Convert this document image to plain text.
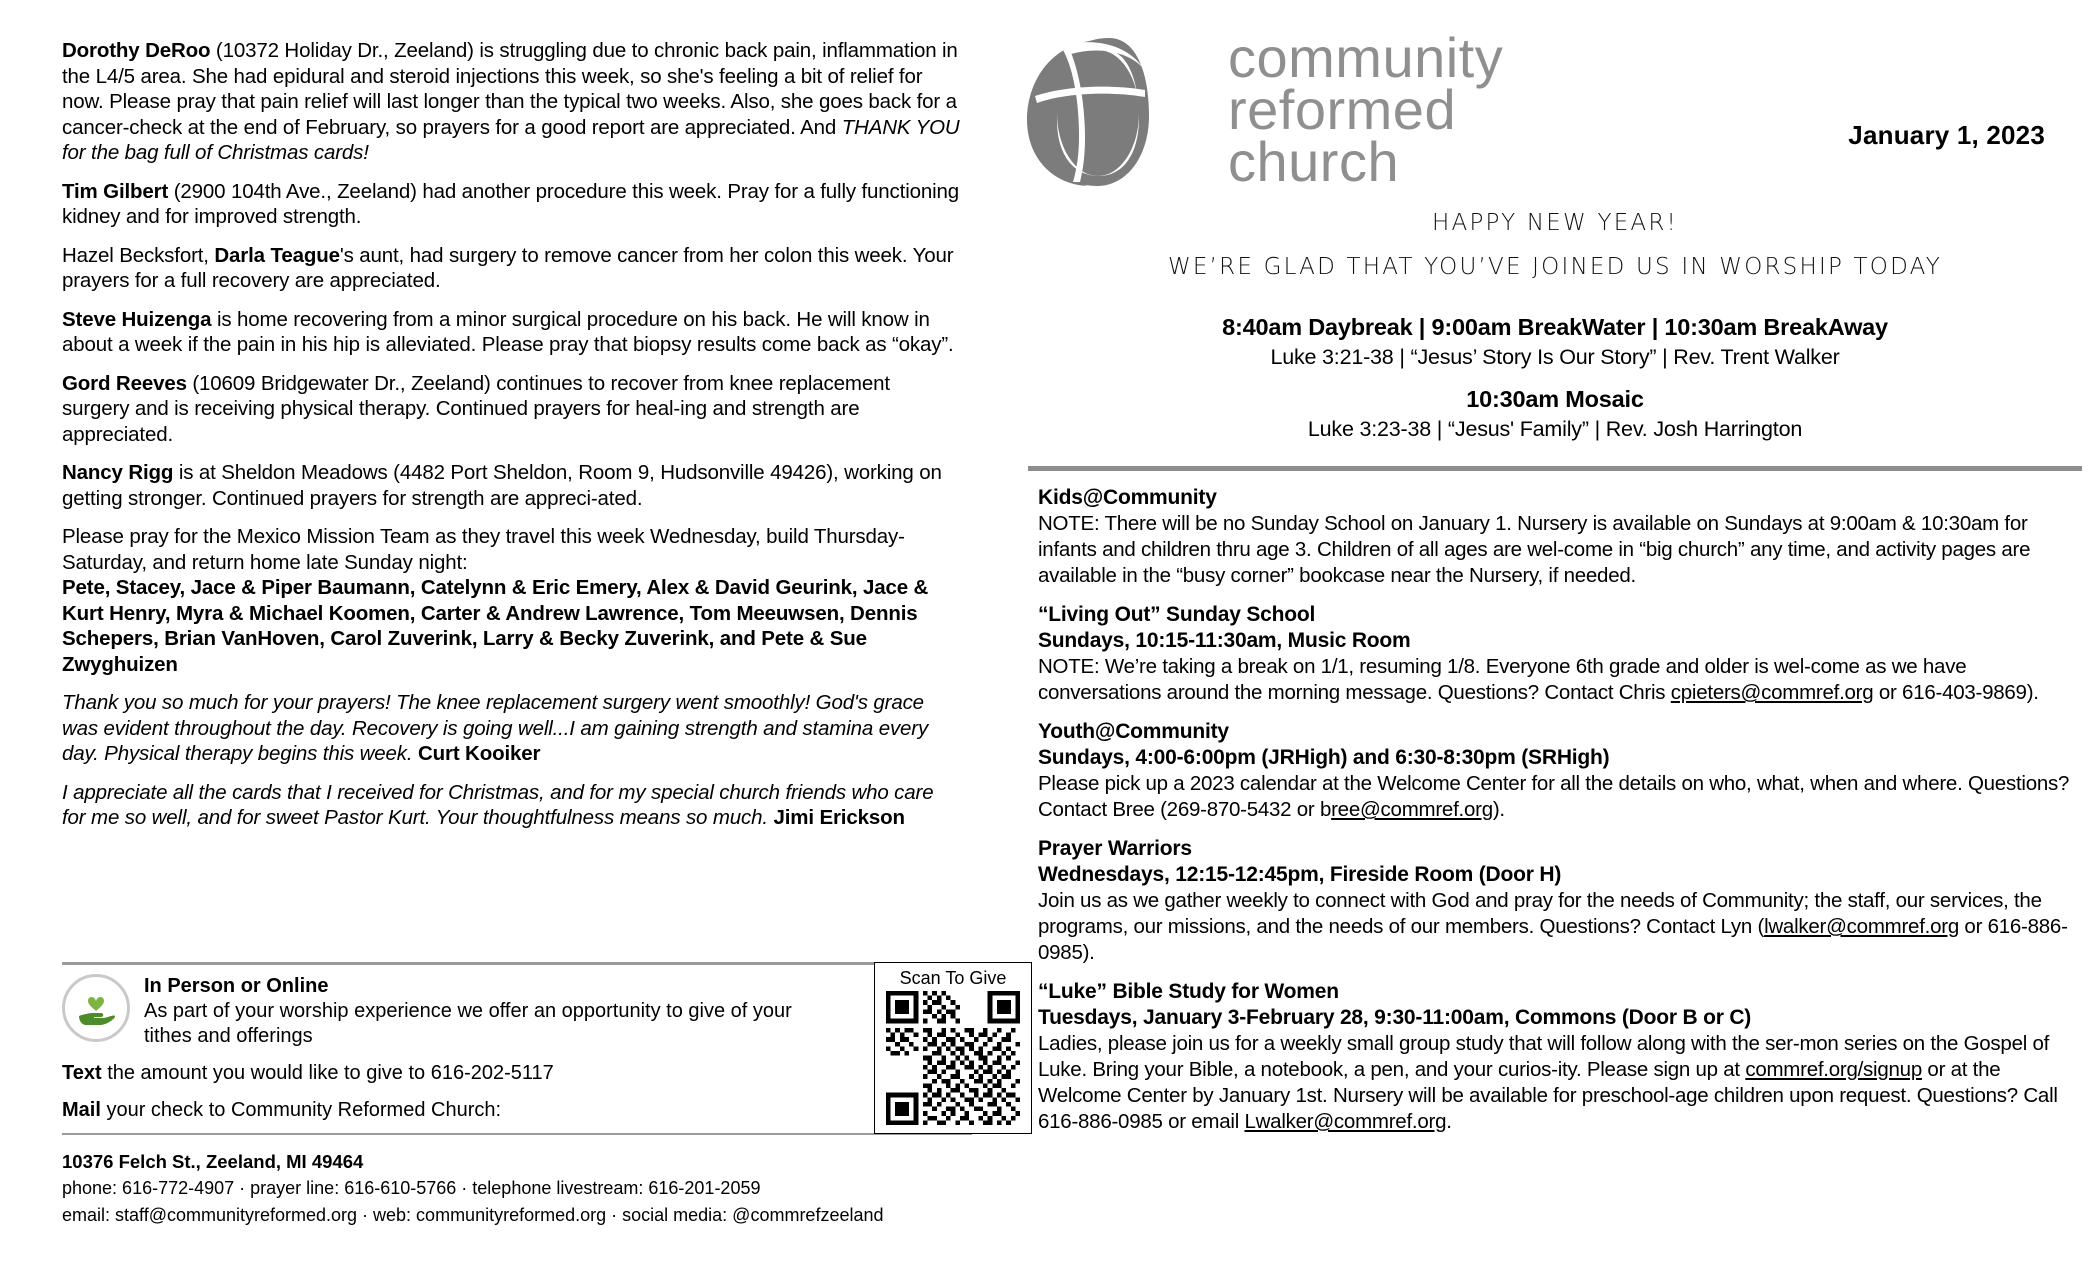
Dorothy DeRoo (10372 Holiday Dr., Zeeland) is struggling due to chronic back pain, inflammation in the L4/5 area. She had epidural and steroid injections this week, so she's feeling a bit of relief for now. Please pray that pain relief will last longer than the typical two weeks. Also, she goes back for a cancer-check at the end of February, so prayers for a good report are appreciated. And THANK YOU for the bag full of Christmas cards!

Tim Gilbert (2900 104th Ave., Zeeland) had another procedure this week. Pray for a fully functioning kidney and for improved strength.

Hazel Becksfort, Darla Teague's aunt, had surgery to remove cancer from her colon this week. Your prayers for a full recovery are appreciated.

Steve Huizenga is home recovering from a minor surgical procedure on his back. He will know in about a week if the pain in his hip is alleviated. Please pray that biopsy results come back as “okay”.

Gord Reeves (10609 Bridgewater Dr., Zeeland) continues to recover from knee replacement surgery and is receiving physical therapy. Continued prayers for heal-ing and strength are appreciated.

Nancy Rigg is at Sheldon Meadows (4482 Port Sheldon, Room 9, Hudsonville 49426), working on getting stronger. Continued prayers for strength are appreci-ated.

Please pray for the Mexico Mission Team as they travel this week Wednesday, build Thursday-Saturday, and return home late Sunday night:

Pete, Stacey, Jace & Piper Baumann, Catelynn & Eric Emery, Alex & David Geurink, Jace & Kurt Henry, Myra & Michael Koomen, Carter & Andrew Lawrence, Tom Meeuwsen, Dennis Schepers, Brian VanHoven, Carol Zuverink, Larry & Becky Zuverink, and Pete & Sue Zwyghuizen

Thank you so much for your prayers! The knee replacement surgery went smoothly! God's grace was evident throughout the day. Recovery is going well...I am gaining strength and stamina every day. Physical therapy begins this week. Curt Kooiker

I appreciate all the cards that I received for Christmas, and for my special church friends who care for me so well, and for sweet Pastor Kurt. Your thoughtfulness means so much. Jimi Erickson

In Person or Online
As part of your worship experience we offer an opportunity to give of your tithes and offerings
Text the amount you would like to give to 616-202-5117
Mail your check to Community Reformed Church:
Scan To Give
10376 Felch St., Zeeland, MI 49464
phone: 616-772-4907 · prayer line: 616-610-5766 · telephone livestream: 616-201-2059
email: staff@communityreformed.org · web: communityreformed.org · social media: @commrefzeeland
community
reformed
church	January 1, 2023
HAPPY NEW YEAR!
WE’RE GLAD THAT YOU’VE JOINED US IN WORSHIP TODAY
8:40am Daybreak | 9:00am BreakWater | 10:30am BreakAway
Luke 3:21-38 | “Jesus’ Story Is Our Story” | Rev. Trent Walker
10:30am Mosaic
Luke 3:23-38 | “Jesus' Family” | Rev. Josh Harrington
Kids@Community
NOTE: There will be no Sunday School on January 1. Nursery is available on Sundays at 9:00am & 10:30am for infants and children thru age 3. Children of all ages are wel-come in “big church” any time, and activity pages are available in the “busy corner” bookcase near the Nursery, if needed.
“Living Out” Sunday School
Sundays, 10:15-11:30am, Music Room
NOTE: We’re taking a break on 1/1, resuming 1/8. Everyone 6th grade and older is wel-come as we have conversations around the morning message. Questions? Contact Chris cpieters@commref.org or 616-403-9869).
Youth@Community
Sundays, 4:00-6:00pm (JRHigh) and 6:30-8:30pm (SRHigh)
Please pick up a 2023 calendar at the Welcome Center for all the details on who, what, when and where. Questions? Contact Bree (269-870-5432 or bree@commref.org).
Prayer Warriors
Wednesdays, 12:15-12:45pm, Fireside Room (Door H)
Join us as we gather weekly to connect with God and pray for the needs of Community; the staff, our services, the programs, our missions, and the needs of our members. Questions? Contact Lyn (lwalker@commref.org or 616-886-0985).
“Luke” Bible Study for Women
Tuesdays, January 3-February 28, 9:30-11:00am, Commons (Door B or C)
Ladies, please join us for a weekly small group study that will follow along with the ser-mon series on the Gospel of Luke. Bring your Bible, a notebook, a pen, and your curios-ity. Please sign up at commref.org/signup or at the Welcome Center by January 1st. Nursery will be available for preschool-age children upon request. Questions? Call 616-886-0985 or email Lwalker@commref.org.
